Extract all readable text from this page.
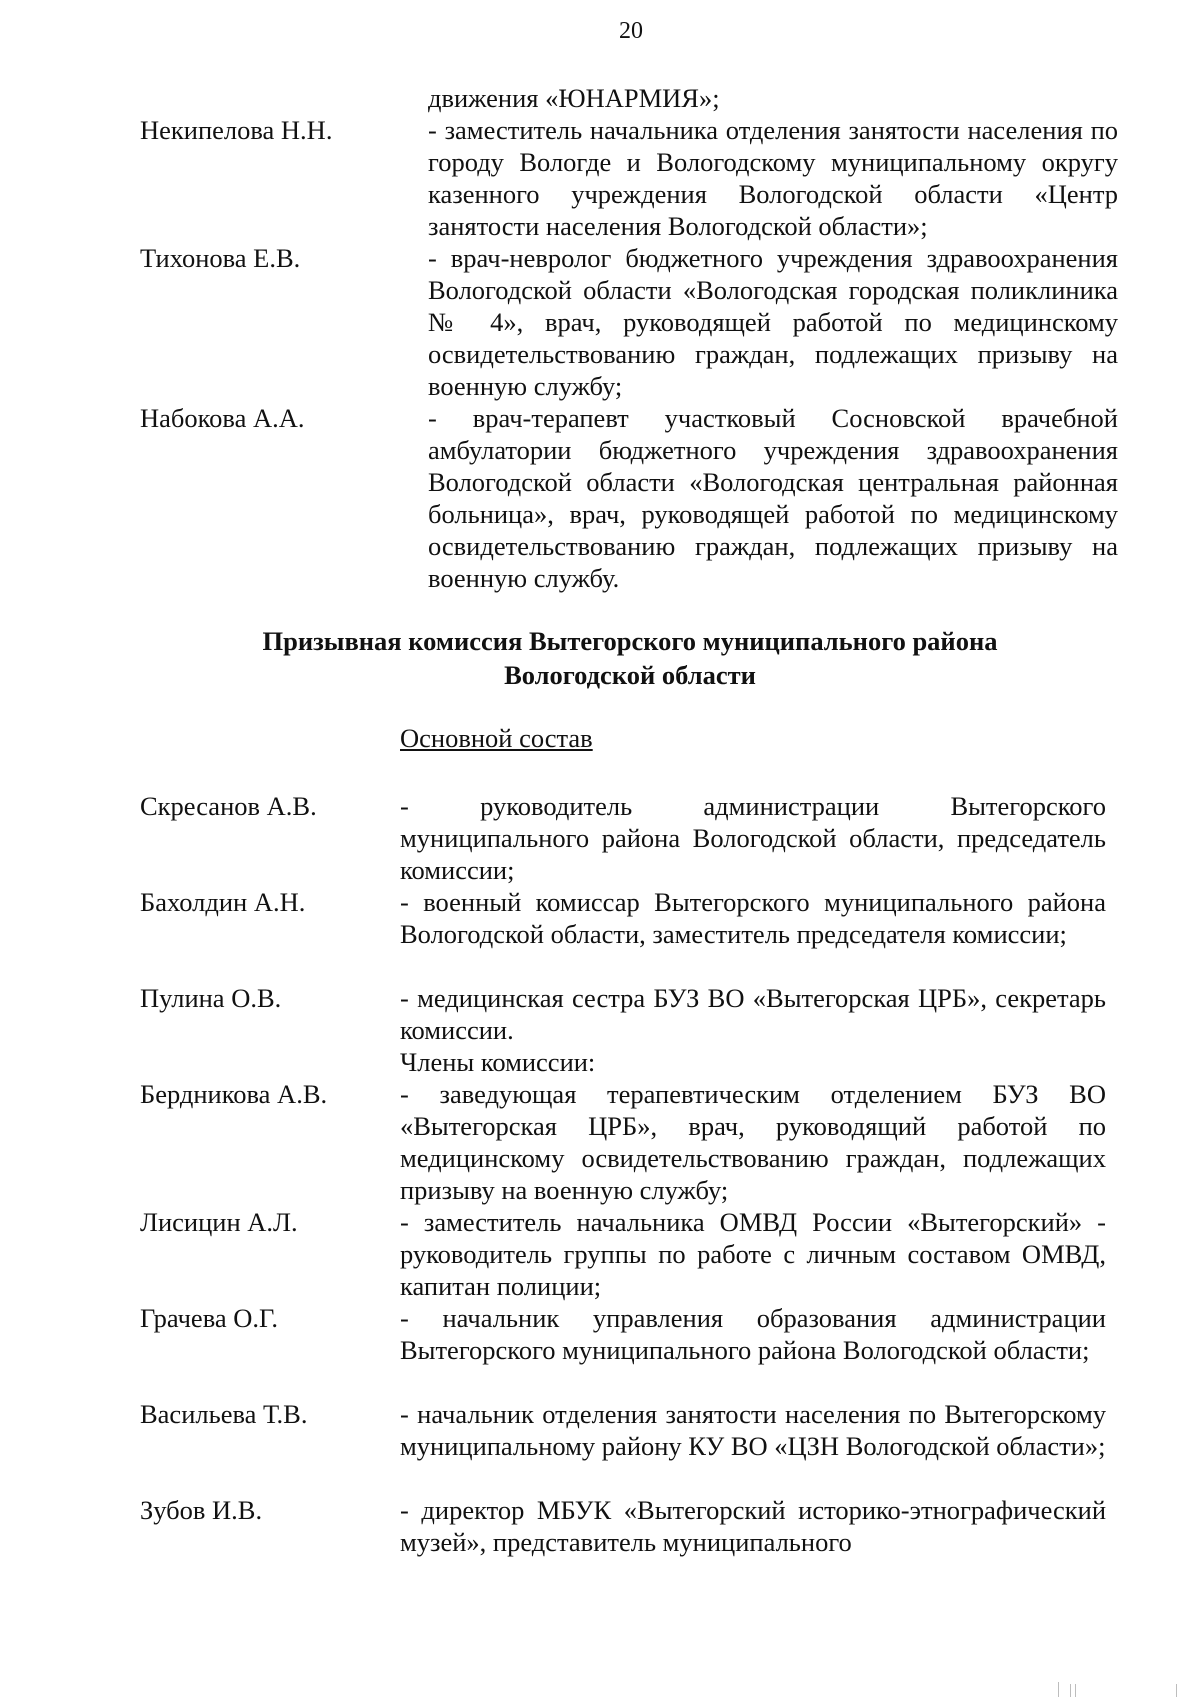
20
движения «ЮНАРМИЯ»;
Некипелова Н.Н.	- заместитель начальника отделения занятости населения по городу Вологде и Вологодскому муниципальному округу казенного учреждения Вологодской области «Центр занятости населения Вологодской области»;
Тихонова Е.В.	- врач-невролог бюджетного учреждения здравоохранения Вологодской области «Вологодская городская поликлиника № 4», врач, руководящей работой по медицинскому освидетельствованию граждан, подлежащих призыву на военную службу;
Набокова А.А.	- врач-терапевт участковый Сосновской врачебной амбулатории бюджетного учреждения здравоохранения Вологодской области «Вологодская центральная районная больница», врач, руководящей работой по медицинскому освидетельствованию граждан, подлежащих призыву на военную службу.
Призывная комиссия Вытегорского муниципального района
Вологодской области
Основной состав
Скресанов А.В.	- руководитель администрации Вытегорского муниципального района Вологодской области, председатель комиссии;
Бахолдин А.Н.	- военный комиссар Вытегорского муниципального района Вологодской области, заместитель председателя комиссии;
Пулина О.В.	- медицинская сестра БУЗ ВО «Вытегорская ЦРБ», секретарь комиссии.
Члены комиссии:
Бердникова А.В.	- заведующая терапевтическим отделением БУЗ ВО «Вытегорская ЦРБ», врач, руководящий работой по медицинскому освидетельствованию граждан, подлежащих призыву на военную службу;
Лисицин А.Л.	- заместитель начальника ОМВД России «Вытегорский» - руководитель группы по работе с личным составом ОМВД, капитан полиции;
Грачева О.Г.	- начальник управления образования администрации Вытегорского муниципального района Вологодской области;
Васильева Т.В.	- начальник отделения занятости населения по Вытегорскому муниципальному району КУ ВО «ЦЗН Вологодской области»;
Зубов И.В.	- директор МБУК «Вытегорский историко-этнографический музей», представитель муниципального
